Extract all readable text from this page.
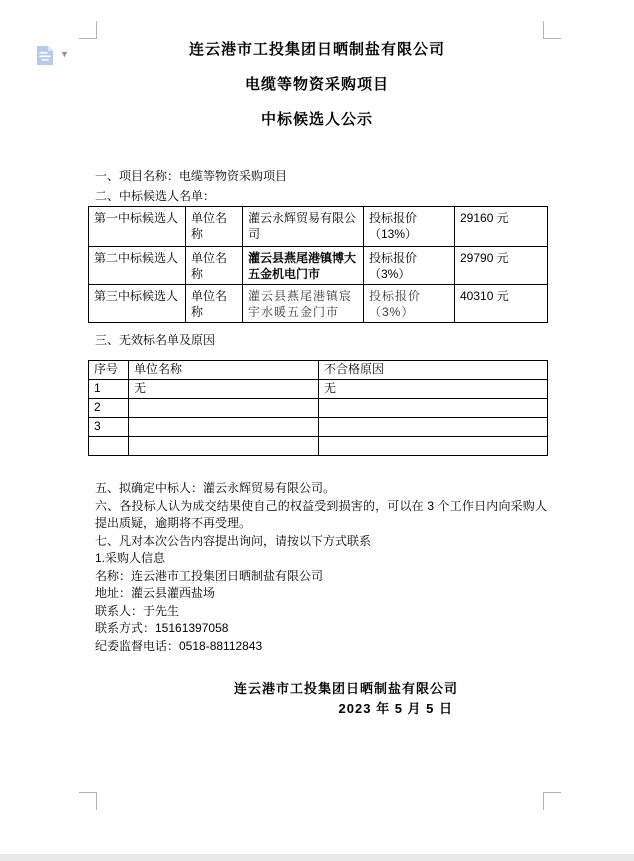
▼	连云港市工投集团日晒制盐有限公司
电缆等物资采购项目
中标候选人公示
一、项目名称：电缆等物资采购项目
二、中标候选人名单：
第一中标候选人	单位名称	灌云永辉贸易有限公司	投标报价（13%）	29160 元
第二中标候选人	单位名称	灌云县燕尾港镇博大五金机电门市	投标报价（3%）	29790 元
第三中标候选人	单位名称	灌云县燕尾港镇宸宇水暖五金门市	投标报价（3%）	40310 元
三、无效标名单及原因
序号	单位名称	不合格原因
1	无	无
2		
3		

五、拟确定中标人：灌云永辉贸易有限公司。

六、各投标人认为成交结果使自己的权益受到损害的，可以在 3 个工作日内向采购人提出质疑，逾期将不再受理。

七、凡对本次公告内容提出询问，请按以下方式联系

1.采购人信息

名称：连云港市工投集团日晒制盐有限公司

地址：灌云县灌西盐场

联系人：于先生

联系方式：15161397058

纪委监督电话：0518-88112843

连云港市工投集团日晒制盐有限公司
2023 年 5 月 5 日
